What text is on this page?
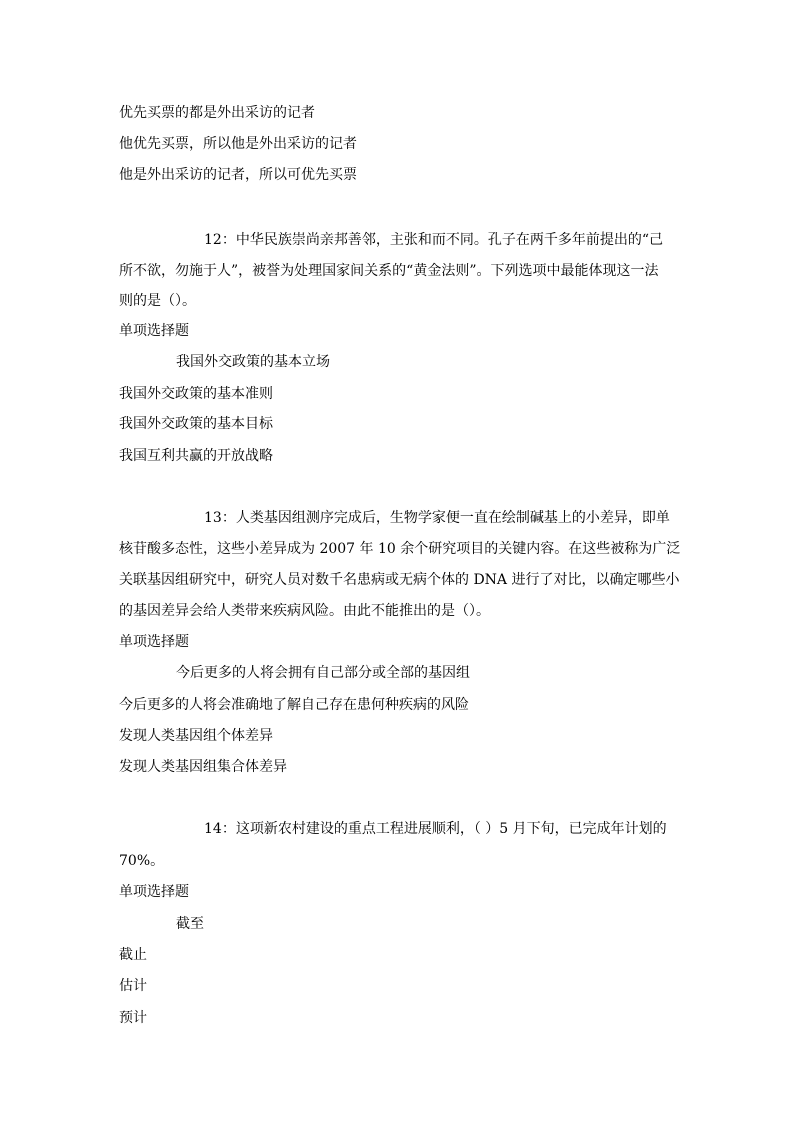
优先买票的都是外出采访的记者
他优先买票，所以他是外出采访的记者
他是外出采访的记者，所以可优先买票
12：中华民族崇尚亲邦善邻，主张和而不同。孔子在两千多年前提出的“己
所不欲，勿施于人”，被誉为处理国家间关系的“黄金法则”。下列选项中最能体现这一法
则的是（）。
单项选择题
我国外交政策的基本立场
我国外交政策的基本准则
我国外交政策的基本目标
我国互利共赢的开放战略
13：人类基因组测序完成后，生物学家便一直在绘制碱基上的小差异，即单
核苷酸多态性，这些小差异成为 2007 年 10 余个研究项目的关键内容。在这些被称为广泛
关联基因组研究中，研究人员对数千名患病或无病个体的 DNA 进行了对比，以确定哪些小
的基因差异会给人类带来疾病风险。由此不能推出的是（）。
单项选择题
今后更多的人将会拥有自己部分或全部的基因组
今后更多的人将会准确地了解自己存在患何种疾病的风险
发现人类基因组个体差异
发现人类基因组集合体差异
14：这项新农村建设的重点工程进展顺利，（ ）5 月下旬，已完成年计划的
70%。
单项选择题
截至
截止
估计
预计
